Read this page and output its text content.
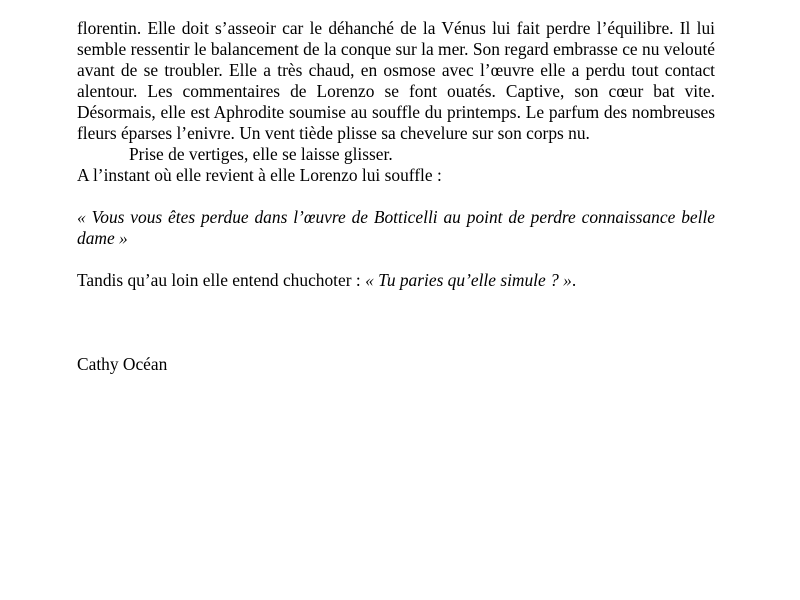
florentin. Elle doit s’asseoir car le déhanché de la Vénus lui fait perdre l’équilibre. Il lui semble ressentir le balancement de la conque sur la mer. Son regard embrasse ce nu velouté avant de se troubler. Elle a très chaud, en osmose avec l’œuvre elle a perdu tout contact alentour. Les commentaires de Lorenzo se font ouatés. Captive, son cœur bat vite. Désormais, elle est Aphrodite soumise au souffle du printemps. Le parfum des nombreuses fleurs éparses l’enivre. Un vent tiède plisse sa chevelure sur son corps nu.

Prise de vertiges, elle se laisse glisser.

A l’instant où elle revient à elle Lorenzo lui souffle :

« Vous vous êtes perdue dans l’œuvre de Botticelli au point de perdre connaissance belle dame »

Tandis qu’au loin elle entend chuchoter : « Tu paries qu’elle simule ? ».

Cathy Océan
